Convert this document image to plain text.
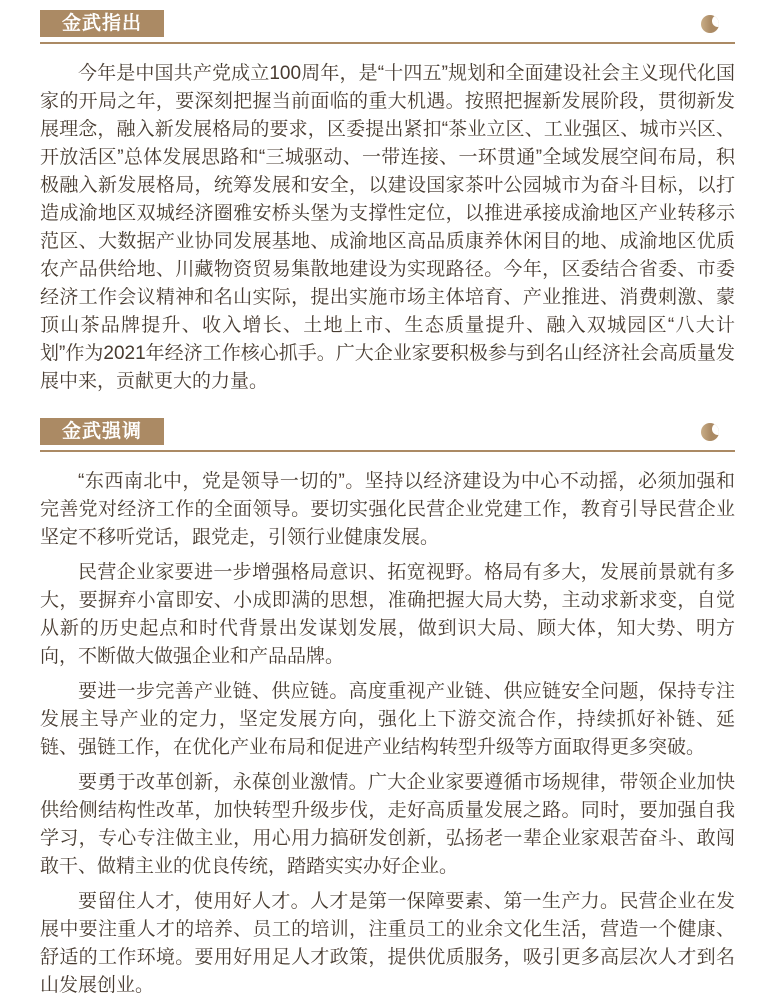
金武指出

今年是中国共产党成立100周年，是“十四五”规划和全面建设社会主义现代化国家的开局之年，要深刻把握当前面临的重大机遇。按照把握新发展阶段，贯彻新发展理念，融入新发展格局的要求，区委提出紧扣“茶业立区、工业强区、城市兴区、开放活区”总体发展思路和“三城驱动、一带连接、一环贯通”全域发展空间布局，积极融入新发展格局，统筹发展和安全，以建设国家茶叶公园城市为奋斗目标，以打造成渝地区双城经济圈雅安桥头堡为支撑性定位，以推进承接成渝地区产业转移示范区、大数据产业协同发展基地、成渝地区高品质康养休闲目的地、成渝地区优质农产品供给地、川藏物资贸易集散地建设为实现路径。今年，区委结合省委、市委经济工作会议精神和名山实际，提出实施市场主体培育、产业推进、消费刺激、蒙顶山茶品牌提升、收入增长、土地上市、生态质量提升、融入双城园区“八大计划”作为2021年经济工作核心抓手。广大企业家要积极参与到名山经济社会高质量发展中来，贡献更大的力量。

金武强调

“东西南北中，党是领导一切的”。坚持以经济建设为中心不动摇，必须加强和完善党对经济工作的全面领导。要切实强化民营企业党建工作，教育引导民营企业坚定不移听党话，跟党走，引领行业健康发展。

民营企业家要进一步增强格局意识、拓宽视野。格局有多大，发展前景就有多大，要摒弃小富即安、小成即满的思想，准确把握大局大势，主动求新求变，自觉从新的历史起点和时代背景出发谋划发展，做到识大局、顾大体，知大势、明方向，不断做大做强企业和产品品牌。

要进一步完善产业链、供应链。高度重视产业链、供应链安全问题，保持专注发展主导产业的定力，坚定发展方向，强化上下游交流合作，持续抓好补链、延链、强链工作，在优化产业布局和促进产业结构转型升级等方面取得更多突破。

要勇于改革创新，永葆创业激情。广大企业家要遵循市场规律，带领企业加快供给侧结构性改革，加快转型升级步伐，走好高质量发展之路。同时，要加强自我学习，专心专注做主业，用心用力搞研发创新，弘扬老一辈企业家艰苦奋斗、敢闯敢干、做精主业的优良传统，踏踏实实办好企业。

要留住人才，使用好人才。人才是第一保障要素、第一生产力。民营企业在发展中要注重人才的培养、员工的培训，注重员工的业余文化生活，营造一个健康、舒适的工作环境。要用好用足人才政策，提供优质服务，吸引更多高层次人才到名山发展创业。
